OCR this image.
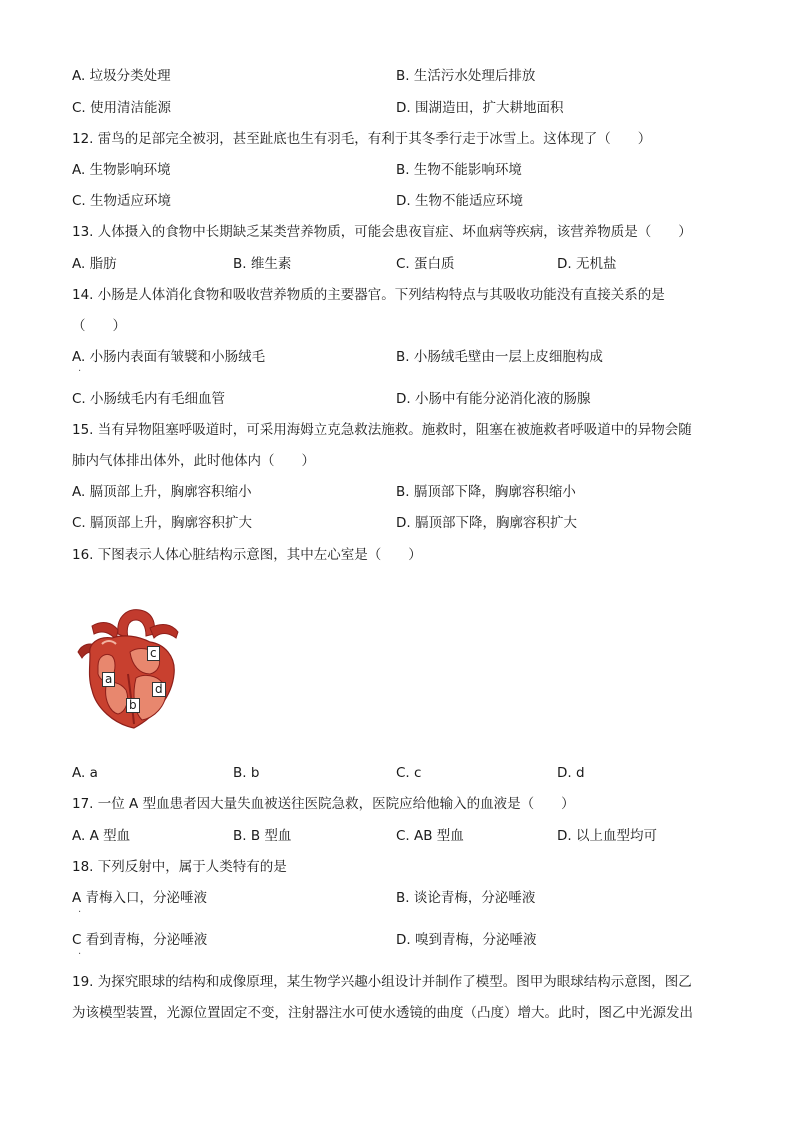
A. 垃圾分类处理	B. 生活污水处理后排放
C. 使用清洁能源	D. 围湖造田，扩大耕地面积
12. 雷鸟的足部完全被羽，甚至趾底也生有羽毛，有利于其冬季行走于冰雪上。这体现了（　　）
A. 生物影响环境	B. 生物不能影响环境
C. 生物适应环境	D. 生物不能适应环境
13. 人体摄入的食物中长期缺乏某类营养物质，可能会患夜盲症、坏血病等疾病，该营养物质是（　　）
A. 脂肪	B. 维生素	C. 蛋白质	D. 无机盐
14. 小肠是人体消化食物和吸收营养物质的主要器官。下列结构特点与其吸收功能没有直接关系的是
（　　）
A. 小肠内表面有皱襞和小肠绒毛	B. 小肠绒毛壁由一层上皮细胞构成
·
C. 小肠绒毛内有毛细血管	D. 小肠中有能分泌消化液的肠腺
15. 当有异物阻塞呼吸道时，可采用海姆立克急救法施救。施救时，阻塞在被施救者呼吸道中的异物会随
肺内气体排出体外，此时他体内（　　）
A. 膈顶部上升，胸廓容积缩小	B. 膈顶部下降，胸廓容积缩小
C. 膈顶部上升，胸廓容积扩大	D. 膈顶部下降，胸廓容积扩大
16. 下图表示人体心脏结构示意图，其中左心室是（　　）
a
b
c
d
A. a	B. b	C. c	D. d
17. 一位 A 型血患者因大量失血被送往医院急救，医院应给他输入的血液是（　　）
A. A 型血	B. B 型血	C. AB 型血	D. 以上血型均可
18. 下列反射中，属于人类特有的是
A 青梅入口，分泌唾液	B. 谈论青梅，分泌唾液
·
C 看到青梅，分泌唾液	D. 嗅到青梅，分泌唾液
·
19. 为探究眼球的结构和成像原理，某生物学兴趣小组设计并制作了模型。图甲为眼球结构示意图，图乙
为该模型装置，光源位置固定不变，注射器注水可使水透镜的曲度（凸度）增大。此时，图乙中光源发出
